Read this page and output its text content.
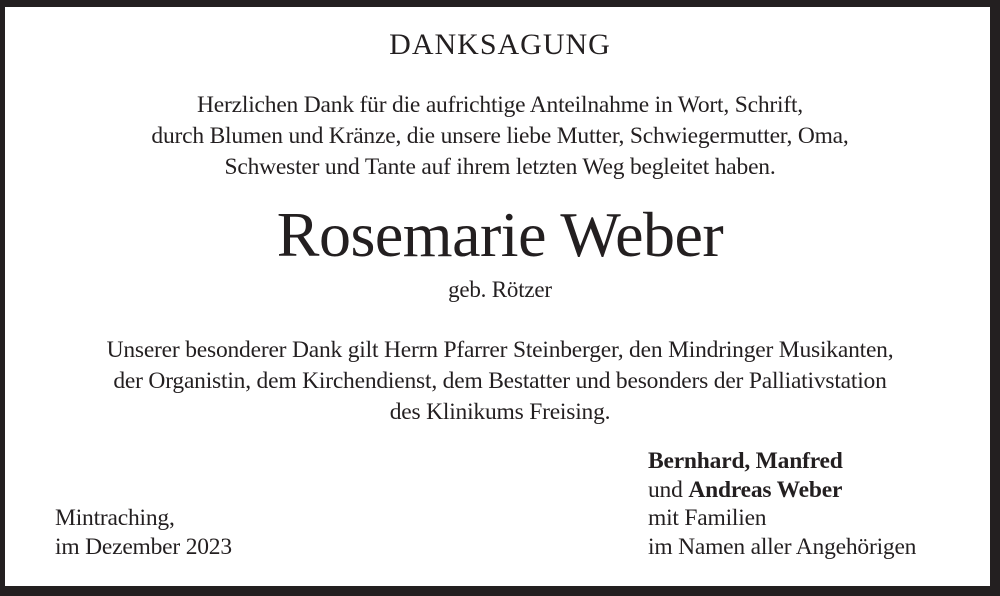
DANKSAGUNG
Herzlichen Dank für die aufrichtige Anteilnahme in Wort, Schrift,
durch Blumen und Kränze, die unsere liebe Mutter, Schwiegermutter, Oma,
Schwester und Tante auf ihrem letzten Weg begleitet haben.
Rosemarie Weber
geb. Rötzer
Unserer besonderer Dank gilt Herrn Pfarrer Steinberger, den Mindringer Musikanten,
der Organistin, dem Kirchendienst, dem Bestatter und besonders der Palliativstation
des Klinikums Freising.
Bernhard, Manfred
und Andreas Weber
mit Familien
im Namen aller Angehörigen
Mintraching,
im Dezember 2023
